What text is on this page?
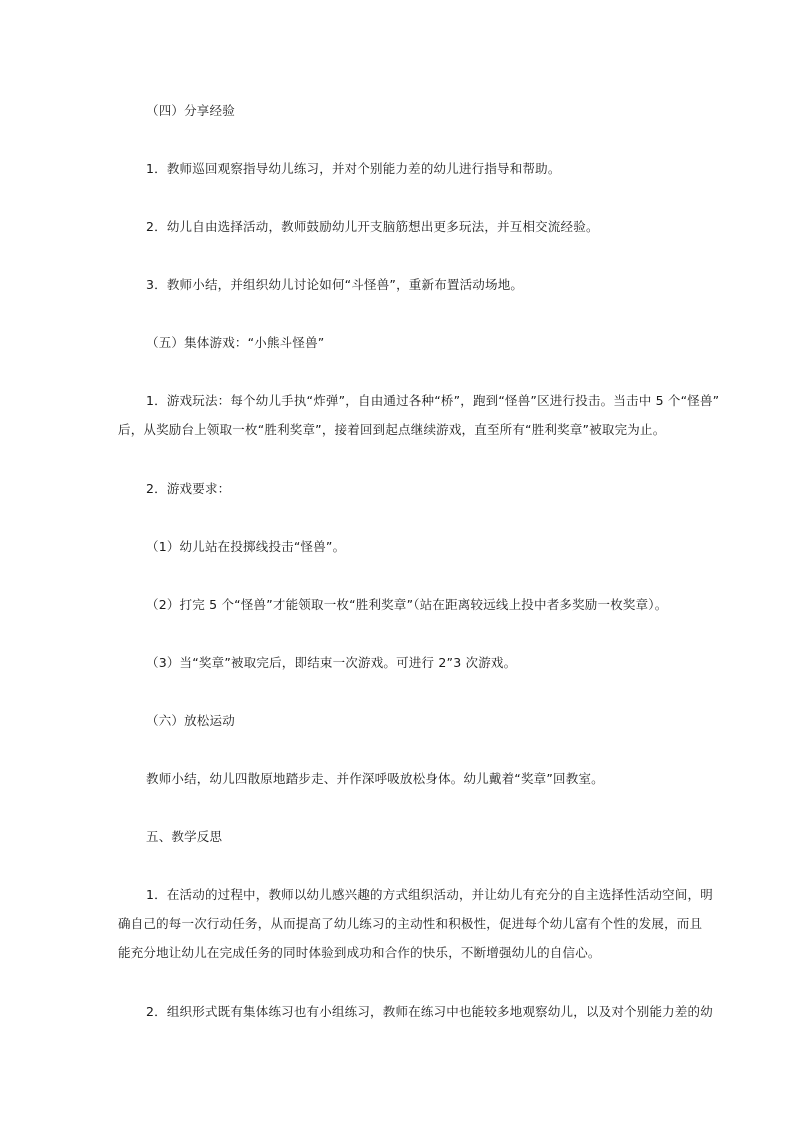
（四）分享经验
1．教师巡回观察指导幼儿练习，并对个别能力差的幼儿进行指导和帮助。
2．幼儿自由选择活动，教师鼓励幼儿开支脑筋想出更多玩法，并互相交流经验。
3．教师小结，并组织幼儿讨论如何“斗怪兽”，重新布置活动场地。
（五）集体游戏：“小熊斗怪兽”
1．游戏玩法：每个幼儿手执“炸弹”，自由通过各种“桥”，跑到“怪兽”区进行投击。当击中 5 个“怪兽”
后，从奖励台上领取一枚“胜利奖章”，接着回到起点继续游戏，直至所有“胜利奖章”被取完为止。
2．游戏要求：
（1）幼儿站在投掷线投击“怪兽”。
（2）打完 5 个“怪兽”才能领取一枚“胜利奖章”（站在距离较远线上投中者多奖励一枚奖章）。
（3）当“奖章”被取完后，即结束一次游戏。可进行 2”3 次游戏。
（六）放松运动
教师小结，幼儿四散原地踏步走、并作深呼吸放松身体。幼儿戴着“奖章”回教室。
五、教学反思
1．在活动的过程中，教师以幼儿感兴趣的方式组织活动，并让幼儿有充分的自主选择性活动空间，明
确自己的每一次行动任务，从而提高了幼儿练习的主动性和积极性，促进每个幼儿富有个性的发展，而且
能充分地让幼儿在完成任务的同时体验到成功和合作的快乐，不断增强幼儿的自信心。
2．组织形式既有集体练习也有小组练习，教师在练习中也能较多地观察幼儿，以及对个别能力差的幼
